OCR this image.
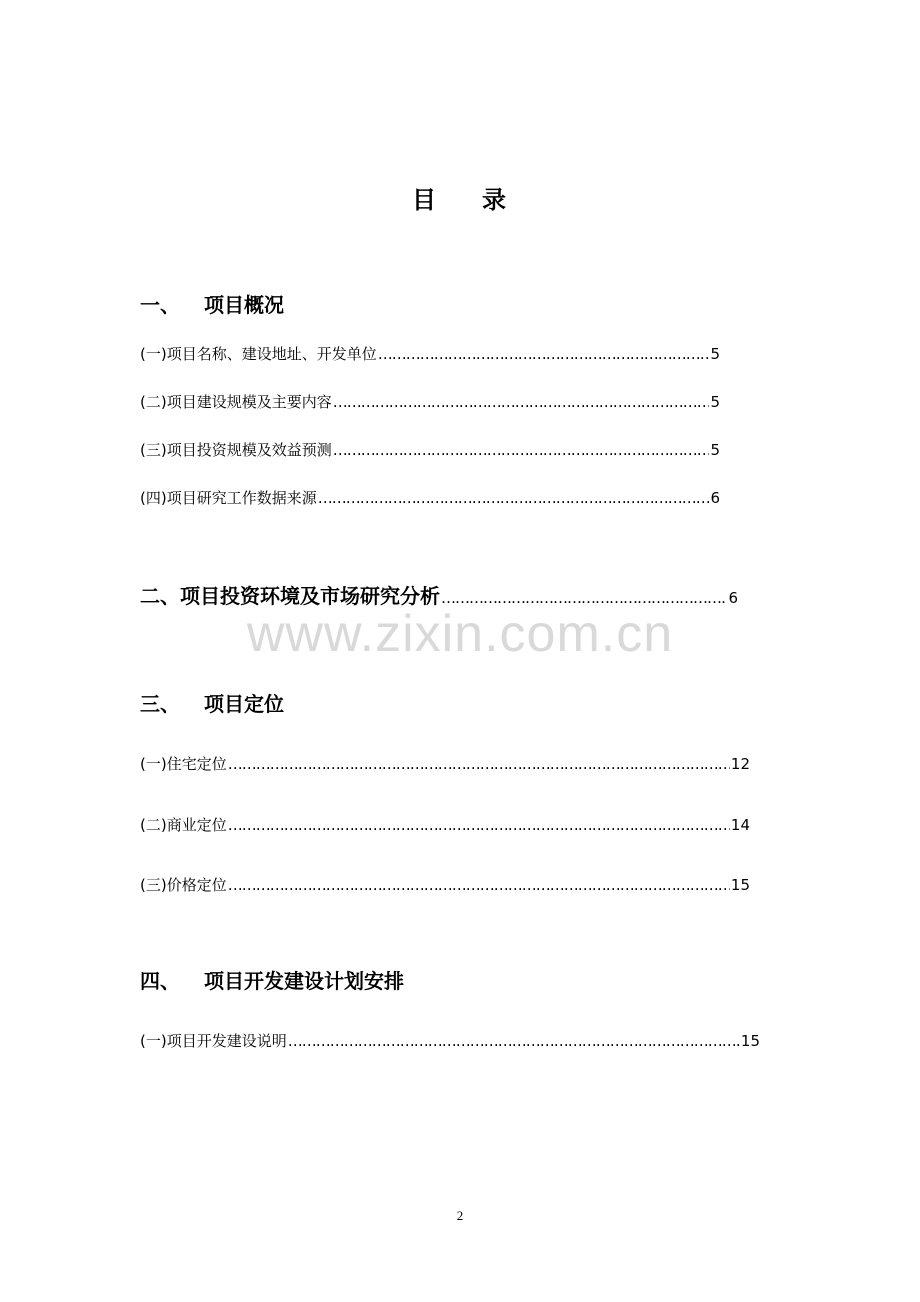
目 录
一、 项目概况
(一)项目名称、建设地址、开发单位 ……………………………………………………………………………………………………………………………………………………………………………………………………	5
(二)项目建设规模及主要内容 ……………………………………………………………………………………………………………………………………………………………………………………………………	5
(三)项目投资规模及效益预测 ……………………………………………………………………………………………………………………………………………………………………………………………………	5
(四)项目研究工作数据来源 ……………………………………………………………………………………………………………………………………………………………………………………………………	6
二、 项目投资环境及市场研究分析 ……………………………………………………………………………………………………………………………………………………………………………………………………	6
www.zixin.com.cn
三、 项目定位
(一) 住宅定位 ……………………………………………………………………………………………………………………………………………………………………………………………………	12
(二) 商业定位 ……………………………………………………………………………………………………………………………………………………………………………………………………	14
(三) 价格定位 ……………………………………………………………………………………………………………………………………………………………………………………………………	15
四、 项目开发建设计划安排
(一) 项目开发建设说明 ……………………………………………………………………………………………………………………………………………………………………………………………………	15
2
